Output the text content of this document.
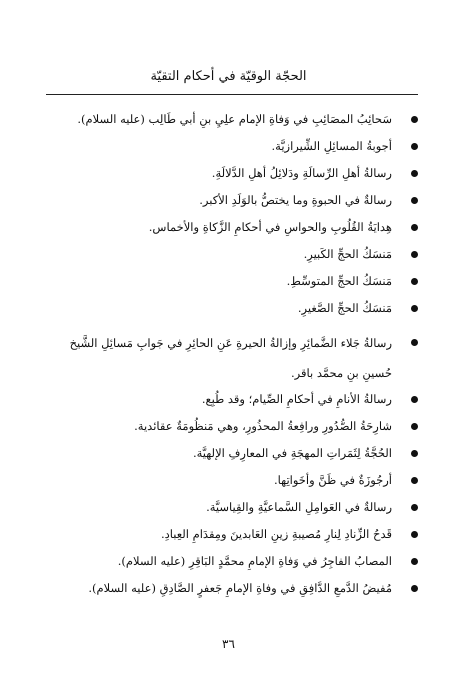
الحجّة الوقيّة في أحكام التقيّة
سَحائِبُ المصَائِبِ في وَفاةِ الإمام علِيِ بنِ أبي طَالِب (عليه السلام).
أجوبةُ المسائِلِ الشِّيرازيَّة.
رسالةُ أهلِ الرِّسالَةِ ودَلائِلُ أهلِ الدَّلالَةِ.
رسالةٌ في الحبوةِ وما يختصُّ بالوَلَدِ الأكبر.
هِدايَةُ القُلُوبِ والحواسِ في أحكامِ الزَّكاةِ والأخماس.
مَنسَكُ الحجِّ الكَبيرِ.
مَنسَكُ الحجِّ المتوسِّطِ.
مَنسَكُ الحجِّ الصَّغيرِ.
رسالةُ جَلاء الضَّمائِرِ وإزالةُ الحيرةِ عَنِ الحائِرِ في جَوابِ مَسائِلِ الشَّيخ حُسينِ بنِ محمَّد باقر.
رسالةُ الأنامِ في أحكامِ الصِّيام؛ وقد طُبِع.
شارِحَةُ الصُّدُورِ ورافِعةُ المحذُورِ، وهي مَنظُومَةٌ عقائدية.
الحُجَّةُ لِثَمَراتِ المهجَةِ في المعارِفِ الإلهيَّة.
أرجُوزَةٌ في ظَنَّ وأخَواتِها.
رسالةٌ في العَوامِلِ السَّماعيَّةِ والقِياسيَّة.
قَدحُ الزِّنادِ لِنارِ مُصيبةِ زينِ العَابدينَ ومِقدَامِ العِبادِ.
المصابُ الفاجِرُ في وَفاةِ الإمامِ محمَّدٍ البَاقِرِ (عليه السلام).
مُفيضُ الدَّمعِ الدَّافِقِ في وفاةِ الإمامِ جَعفرٍ الصَّادِقِ (عليه السلام).
٣٦
